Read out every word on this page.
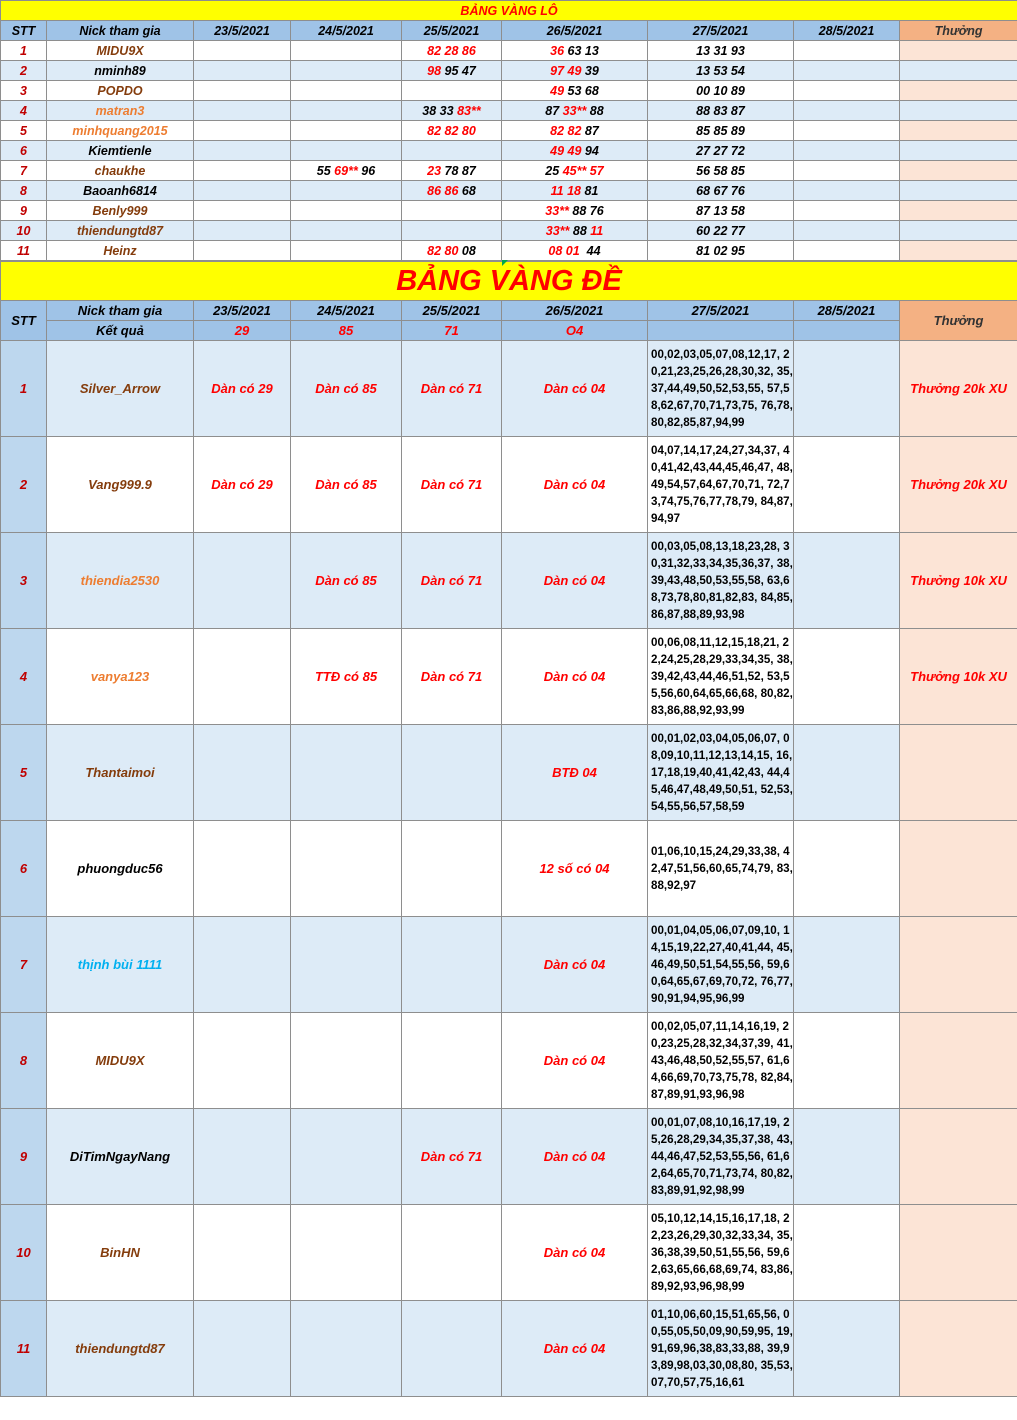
BẢNG VÀNG LÔ								
STT	Nick tham gia	23/5/2021	24/5/2021	25/5/2021	26/5/2021	27/5/2021	28/5/2021	Thưởng
1	MIDU9X			82 28 86	36 63 13	13 31 93		
2	nminh89			98 95 47	97 49 39	13 53 54		
3	POPDO				49 53 68	00 10 89		
4	matran3			38 33 83**	87 33** 88	88 83 87		
5	minhquang2015			82 82 80	82 82 87	85 85 89		
6	Kiemtienle				49 49 94	27 27 72		
7	chaukhe		55 69** 96	23 78 87	25 45** 57	56 58 85		
8	Baoanh6814			86 86 68	11 18 81	68 67 76		
9	Benly999				33** 88 76	87 13 58		
10	thiendungtd87				33** 88 11	60 22 77		
11	Heinz			82 80 08	08 01  44	81 02 95		
BẢNG VÀNG ĐỀ								
STT	Nick tham gia	23/5/2021	24/5/2021	25/5/2021	26/5/2021	27/5/2021	28/5/2021	Thưởng
	Kết quả	29	85	71	O4			
1	Silver_Arrow	Dàn có 29	Dàn có 85	Dàn có 71	Dàn có 04	00,02,03,05,07,08,12,17, 20,21,23,25,26,28,30,32, 35,37,44,49,50,52,53,55, 57,58,62,67,70,71,73,75, 76,78,80,82,85,87,94,99		Thưởng 20k XU
2	Vang999.9	Dàn có 29	Dàn có 85	Dàn có 71	Dàn có 04	04,07,14,17,24,27,34,37, 40,41,42,43,44,45,46,47, 48,49,54,57,64,67,70,71, 72,73,74,75,76,77,78,79, 84,87,94,97		Thưởng 20k XU
3	thiendia2530		Dàn có 85	Dàn có 71	Dàn có 04	00,03,05,08,13,18,23,28, 30,31,32,33,34,35,36,37, 38,39,43,48,50,53,55,58, 63,68,73,78,80,81,82,83, 84,85,86,87,88,89,93,98		Thưởng 10k XU
4	vanya123		TTĐ có 85	Dàn có 71	Dàn có 04	00,06,08,11,12,15,18,21, 22,24,25,28,29,33,34,35, 38,39,42,43,44,46,51,52, 53,55,56,60,64,65,66,68, 80,82,83,86,88,92,93,99		Thưởng 10k XU
5	Thantaimoi				BTĐ 04	00,01,02,03,04,05,06,07, 08,09,10,11,12,13,14,15, 16,17,18,19,40,41,42,43, 44,45,46,47,48,49,50,51, 52,53,54,55,56,57,58,59		
6	phuongduc56				12 số có 04	01,06,10,15,24,29,33,38, 42,47,51,56,60,65,74,79, 83,88,92,97		
7	thịnh bùi 1111				Dàn có 04	00,01,04,05,06,07,09,10, 14,15,19,22,27,40,41,44, 45,46,49,50,51,54,55,56, 59,60,64,65,67,69,70,72, 76,77,90,91,94,95,96,99		
8	MIDU9X				Dàn có 04	00,02,05,07,11,14,16,19, 20,23,25,28,32,34,37,39, 41,43,46,48,50,52,55,57, 61,64,66,69,70,73,75,78, 82,84,87,89,91,93,96,98		
9	DiTimNgayNang			Dàn có 71	Dàn có 04	00,01,07,08,10,16,17,19, 25,26,28,29,34,35,37,38, 43,44,46,47,52,53,55,56, 61,62,64,65,70,71,73,74, 80,82,83,89,91,92,98,99		
10	BinHN				Dàn có 04	05,10,12,14,15,16,17,18, 22,23,26,29,30,32,33,34, 35,36,38,39,50,51,55,56, 59,62,63,65,66,68,69,74, 83,86,89,92,93,96,98,99		
11	thiendungtd87				Dàn có 04	01,10,06,60,15,51,65,56, 00,55,05,50,09,90,59,95, 19,91,69,96,38,83,33,88, 39,93,89,98,03,30,08,80, 35,53,07,70,57,75,16,61		
